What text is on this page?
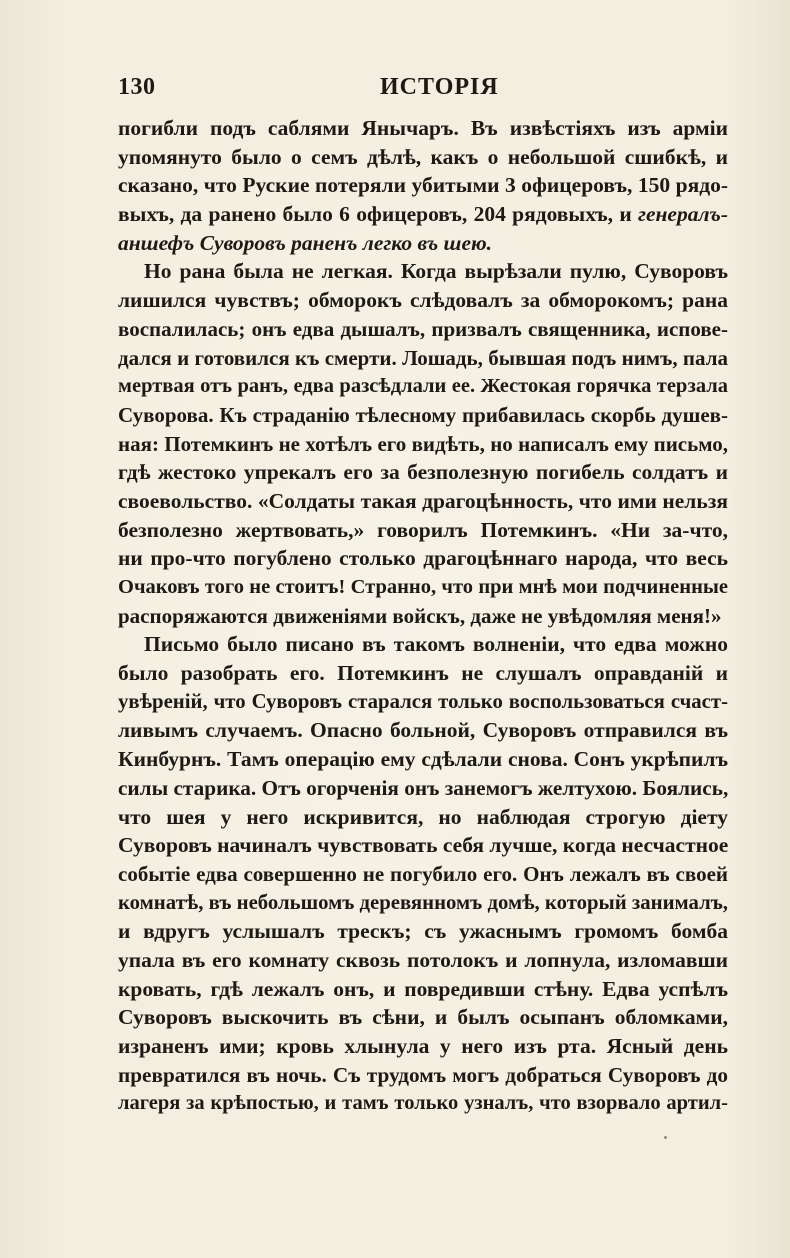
130	ИСТОРІЯ
погибли подъ саблями Янычаръ. Въ извѣстіяхъ изъ арміи
упомянуто было о семъ дѣлѣ, какъ о небольшой сшибкѣ, и
сказано, что Руские потеряли убитыми 3 офицеровъ, 150 рядо-
выхъ, да ранено было 6 офицеровъ, 204 рядовыхъ, и генералъ-
аншефъ Суворовъ раненъ легко въ шею.
Но рана была не легкая. Когда вырѣзали пулю, Суворовъ
лишился чувствъ; обморокъ слѣдовалъ за обморокомъ; рана
воспалилась; онъ едва дышалъ, призвалъ священника, испове-
дался и готовился къ смерти. Лошадь, бывшая подъ нимъ, пала
мертвая отъ ранъ, едва разсѣдлали ее. Жестокая горячка терзала
Суворова. Къ страданію тѣлесному прибавилась скорбь душев-
ная: Потемкинъ не хотѣлъ его видѣть, но написалъ ему письмо,
гдѣ жестоко упрекалъ его за безполезную погибель солдатъ и
своевольство. «Солдаты такая драгоцѣнность, что ими нельзя
безполезно жертвовать,» говорилъ Потемкинъ. «Ни за-что,
ни про-что погублено столько драгоцѣннаго народа, что весь
Очаковъ того не стоитъ! Странно, что при мнѣ мои подчиненные
распоряжаются движеніями войскъ, даже не увѣдомляя меня!»
Письмо было писано въ такомъ волненіи, что едва можно
было разобрать его. Потемкинъ не слушалъ оправданій и
увѣреній, что Суворовъ старался только воспользоваться счаст-
ливымъ случаемъ. Опасно больной, Суворовъ отправился въ
Кинбурнъ. Тамъ операцію ему сдѣлали снова. Сонъ укрѣпилъ
силы старика. Отъ огорченія онъ занемогъ желтухою. Боялись,
что шея у него искривится, но наблюдая строгую діету
Суворовъ начиналъ чувствовать себя лучше, когда несчастное
событіе едва совершенно не погубило его. Онъ лежалъ въ своей
комнатѣ, въ небольшомъ деревянномъ домѣ, который занималъ,
и вдругъ услышалъ трескъ; съ ужаснымъ громомъ бомба
упала въ его комнату сквозь потолокъ и лопнула, изломавши
кровать, гдѣ лежалъ онъ, и повредивши стѣну. Едва успѣлъ
Суворовъ выскочить въ сѣни, и былъ осыпанъ обломками,
израненъ ими; кровь хлынула у него изъ рта. Ясный день
превратился въ ночь. Съ трудомъ могъ добраться Суворовъ до
лагеря за крѣпостью, и тамъ только узналъ, что взорвало артил-
